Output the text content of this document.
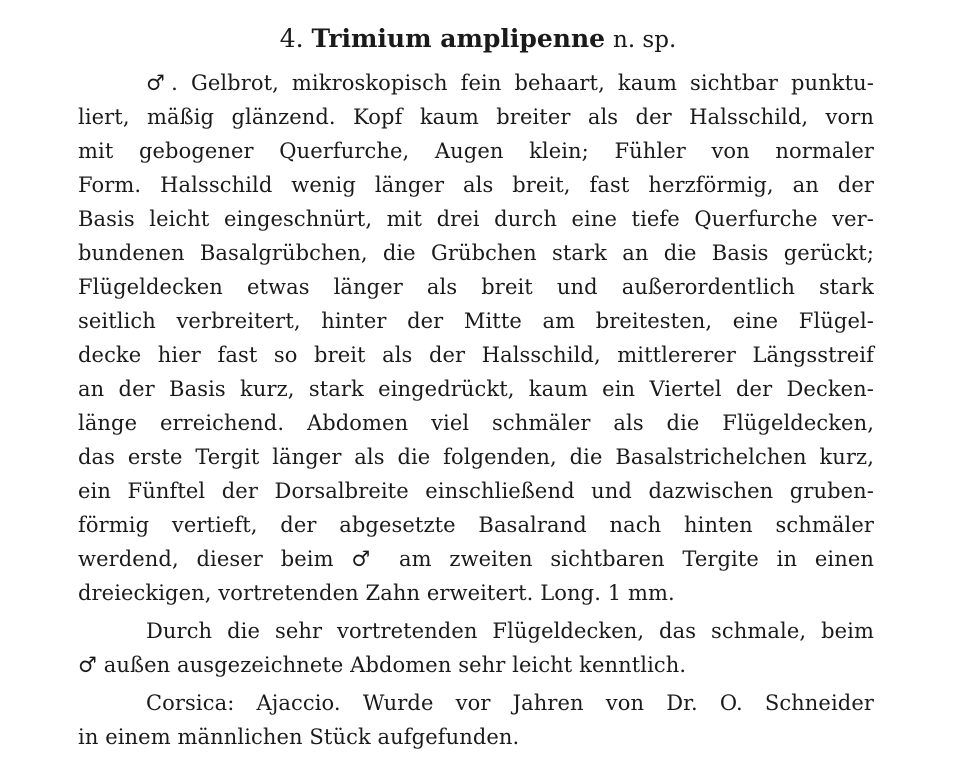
4. Trimium amplipenne n. sp.
♂. Gelbrot, mikroskopisch fein behaart, kaum sichtbar punktu-
liert, mäßig glänzend. Kopf kaum breiter als der Halsschild, vorn
mit gebogener Querfurche, Augen klein; Fühler von normaler
Form. Halsschild wenig länger als breit, fast herzförmig, an der
Basis leicht eingeschnürt, mit drei durch eine tiefe Querfurche ver-
bundenen Basalgrübchen, die Grübchen stark an die Basis gerückt;
Flügeldecken etwas länger als breit und außerordentlich stark
seitlich verbreitert, hinter der Mitte am breitesten, eine Flügel-
decke hier fast so breit als der Halsschild, mittlererer Längsstreif
an der Basis kurz, stark eingedrückt, kaum ein Viertel der Decken-
länge erreichend. Abdomen viel schmäler als die Flügeldecken,
das erste Tergit länger als die folgenden, die Basalstrichelchen kurz,
ein Fünftel der Dorsalbreite einschließend und dazwischen gruben-
förmig vertieft, der abgesetzte Basalrand nach hinten schmäler
werdend, dieser beim ♂ am zweiten sichtbaren Tergite in einen
dreieckigen, vortretenden Zahn erweitert. Long. 1 mm.
Durch die sehr vortretenden Flügeldecken, das schmale, beim
♂ außen ausgezeichnete Abdomen sehr leicht kenntlich.
Corsica: Ajaccio. Wurde vor Jahren von Dr. O. Schneider
in einem männlichen Stück aufgefunden.
